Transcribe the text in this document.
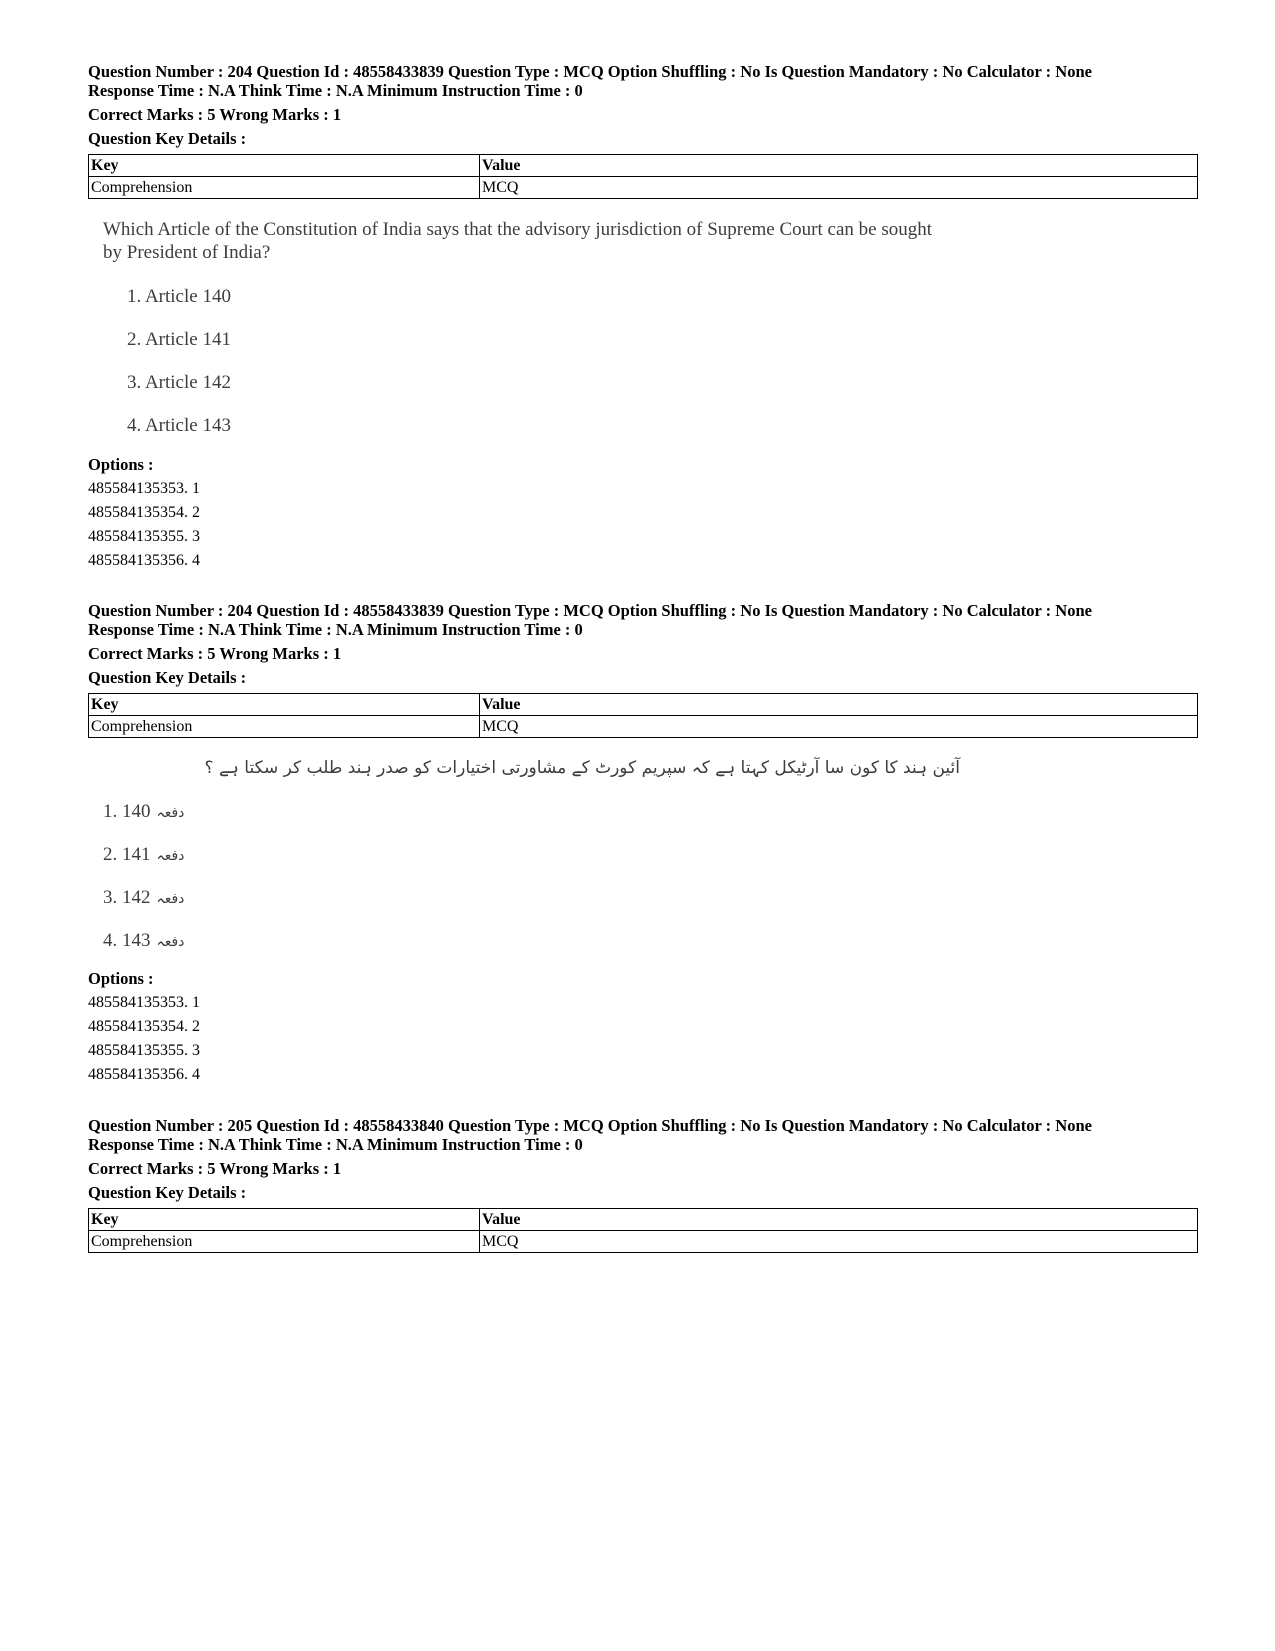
Question Number : 204 Question Id : 48558433839 Question Type : MCQ Option Shuffling : No Is Question Mandatory : No Calculator : None
Response Time : N.A Think Time : N.A Minimum Instruction Time : 0
Correct Marks : 5 Wrong Marks : 1
Question Key Details :
Key	Value
Comprehension	MCQ

Which Article of the Constitution of India says that the advisory jurisdiction of Supreme Court can be sought

by President of India?

1. Article 140
2. Article 141
3. Article 142
4. Article 143
Options :
485584135353. 1
485584135354. 2
485584135355. 3
485584135356. 4
Question Number : 204 Question Id : 48558433839 Question Type : MCQ Option Shuffling : No Is Question Mandatory : No Calculator : None
Response Time : N.A Think Time : N.A Minimum Instruction Time : 0
Correct Marks : 5 Wrong Marks : 1
Question Key Details :
Key	Value
Comprehension	MCQ
آئین ہند کا کون سا آرٹیکل کہتا ہے کہ سپریم کورٹ کے مشاورتی اختیارات کو صدر ہند طلب کر سکتا ہے ؟
1. 140 دفعہ
2. 141 دفعہ
3. 142 دفعہ
4. 143 دفعہ
Options :
485584135353. 1
485584135354. 2
485584135355. 3
485584135356. 4
Question Number : 205 Question Id : 48558433840 Question Type : MCQ Option Shuffling : No Is Question Mandatory : No Calculator : None
Response Time : N.A Think Time : N.A Minimum Instruction Time : 0
Correct Marks : 5 Wrong Marks : 1
Question Key Details :
Key	Value
Comprehension	MCQ
